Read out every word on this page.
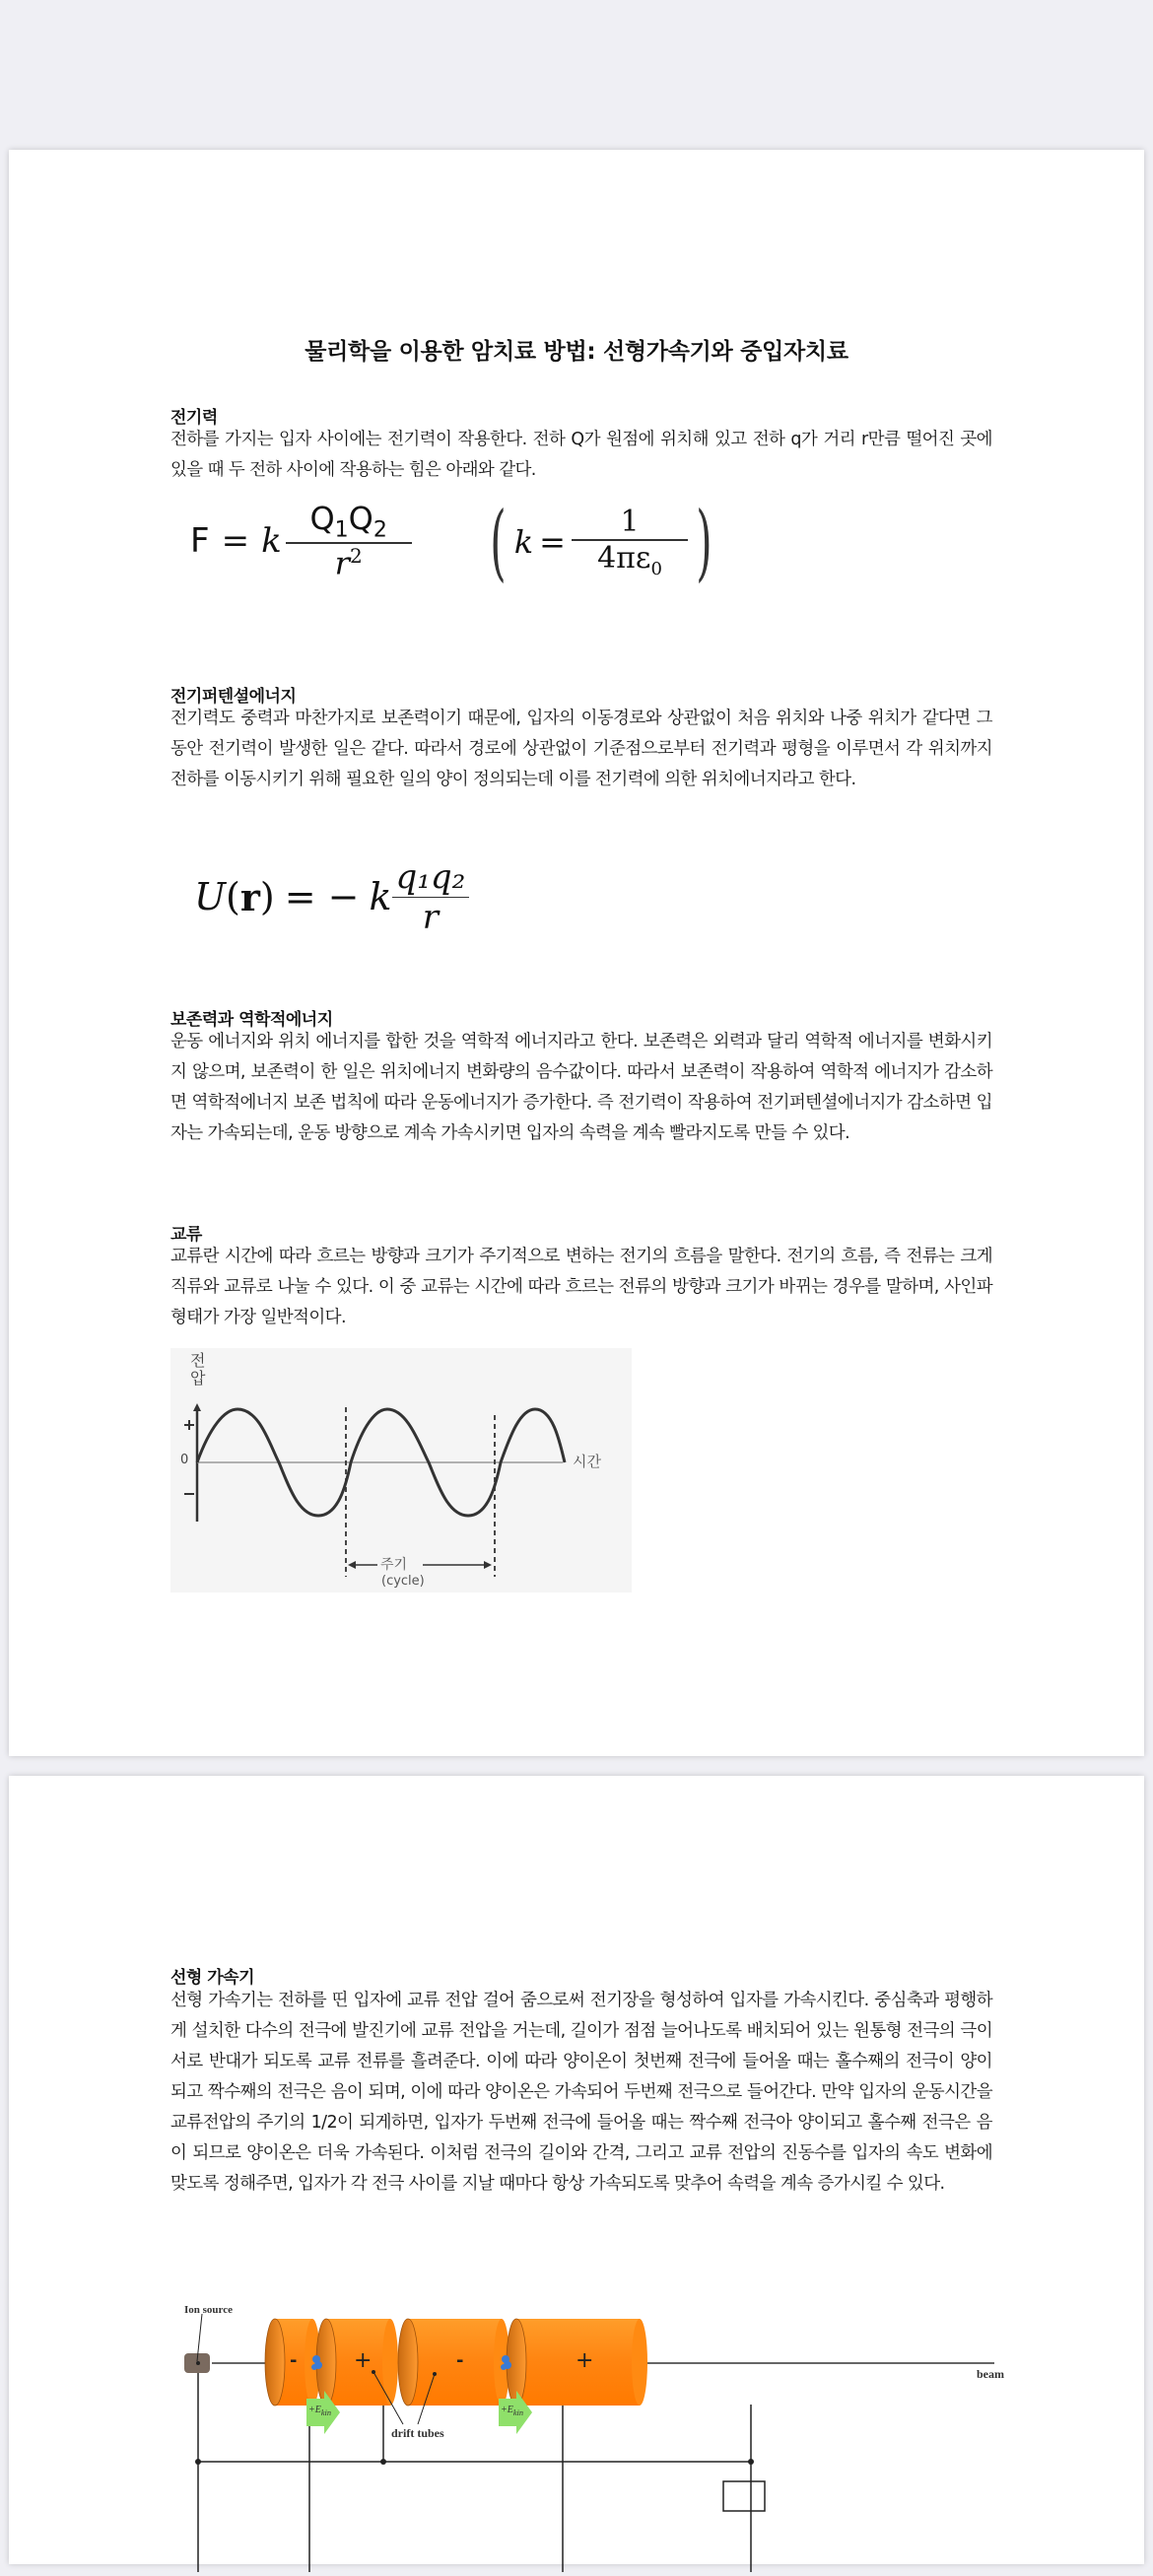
물리학을 이용한 암치료 방법: 선형가속기와 중입자치료
전기력
전하를 가지는 입자 사이에는 전기력이 작용한다. 전하 Q가 원점에 위치해 있고 전하 q가 거리 r만큼 떨어진 곳에 있을 때 두 전하 사이에 작용하는 힘은 아래와 같다.
F = k $\frac{Q_1Q_2}{r^2}$ ( $k = \frac{1}{4\pi\varepsilon_0}$ )
전기퍼텐셜에너지
전기력도 중력과 마찬가지로 보존력이기 때문에, 입자의 이동경로와 상관없이 처음 위치와 나중 위치가 같다면 그동안 전기력이 발생한 일은 같다. 따라서 경로에 상관없이 기준점으로부터 전기력과 평형을 이루면서 각 위치까지 전하를 이동시키기 위해 필요한 일의 양이 정의되는데 이를 전기력에 의한 위치에너지라고 한다.
U ( r ) = − k $\frac{\text{q₁q₂}}{r}$
보존력과 역학적에너지
운동 에너지와 위치 에너지를 합한 것을 역학적 에너지라고 한다. 보존력은 외력과 달리 역학적 에너지를 변화시키지 않으며, 보존력이 한 일은 위치에너지 변화량의 음수값이다. 따라서 보존력이 작용하여 역학적 에너지가 감소하면 역학적에너지 보존 법칙에 따라 운동에너지가 증가한다. 즉 전기력이 작용하여 전기퍼텐셜에너지가 감소하면 입자는 가속되는데, 운동 방향으로 계속 가속시키면 입자의 속력을 계속 빨라지도록 만들 수 있다.
교류
교류란 시간에 따라 흐르는 방향과 크기가 주기적으로 변하는 전기의 흐름을 말한다. 전기의 흐름, 즉 전류는 크게 직류와 교류로 나눌 수 있다. 이 중 교류는 시간에 따라 흐르는 전류의 방향과 크기가 바뀌는 경우를 말하며, 사인파 형태가 가장 일반적이다.
전압
0	시간
주기
(cycle)
선형 가속기
선형 가속기는 전하를 띤 입자에 교류 전압 걸어 줌으로써 전기장을 형성하여 입자를 가속시킨다. 중심축과 평행하게 설치한 다수의 전극에 발진기에 교류 전압을 거는데, 길이가 점점 늘어나도록 배치되어 있는 원통형 전극의 극이 서로 반대가 되도록 교류 전류를 흘려준다. 이에 따라 양이온이 첫번째 전극에 들어올 때는 홀수째의 전극이 양이 되고 짝수째의 전극은 음이 되며, 이에 따라 양이온은 가속되어 두번째 전극으로 들어간다. 만약 입자의 운동시간을 교류전압의 주기의 1/2이 되게하면, 입자가 두번째 전극에 들어올 때는 짝수째 전극아 양이되고 홀수째 전극은 음이 되므로 양이온은 더욱 가속된다. 이처럼 전극의 길이와 간격, 그리고 교류 전압의 진동수를 입자의 속도 변화에 맞도록 정해주면, 입자가 각 전극 사이를 지날 때마다 항상 가속되도록 맞추어 속력을 계속 증가시킬 수 있다.
Ion source
beam
drift tubes
$+E_{kin}$	$+E_{kin}$
-	+	-	+
